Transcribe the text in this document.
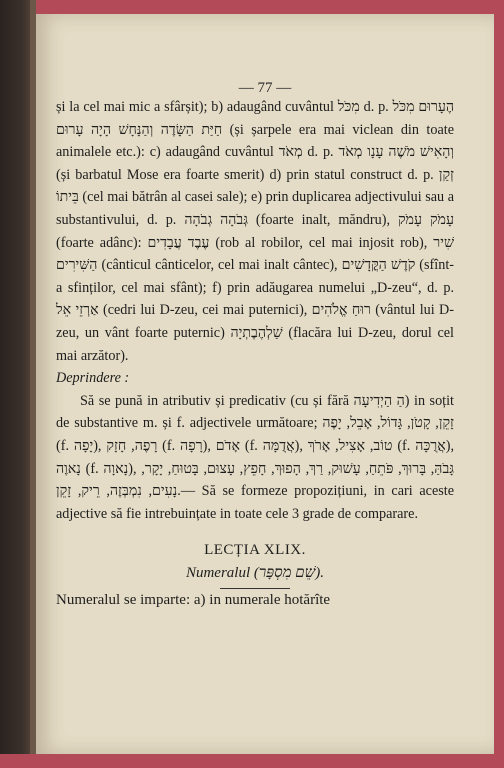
— 77 —

și la cel mai mic a sfârșit); b) adaugând cuvântul מִכֹּל d. p. הֶעָרוּם מִכֹּל חַיַּת הַשָּׂדֶה וְהַנָּחָשׁ הָיָה עָרוּם (și șarpele era mai viclean din toate animalele etc.): c) adaugând cuvântul מְאֹד d. p. וְהָאִישׁ מֹשֶׁה עָנָו מְאֹד (și barbatul Mose era foarte smerit) d) prin statul construct d. p. זְקַן בֵּיתוֹ (cel mai bătrân al casei sale); e) prin duplicarea adjectivului sau a substantivului, d. p. גְּבֹהָה גְבֹהָה (foarte inalt, măndru), עָמֹק עָמֹק (foarte adânc): עֶבֶד עֲבָדִים (rob al robilor, cel mai injosit rob), שִׁיר הַשִּׁירִים (cânticul cânticelor, cel mai inalt cântec), קֹדֶשׁ הַקֳּדָשִׁים (sfînt-a sfinților, cel mai sfânt); f) prin adăugarea numelui „D-zeu“, d. p. אַרְזֵי אֵל (cedri lui D-zeu, cei mai puternici), רוּחַ אֱלֹהִים (vântul lui D-zeu, un vânt foarte puternic) שַׁלְהֶבֶתְיָה (flacăra lui D-zeu, dorul cel mai arzător).

Deprindere :

Să se pună in atributiv și predicativ (cu și fără הַ הַיְדִיעָה) in soțit de substantive m. și f. adjectivele următoare; זָקֵן, קָטֹן, גָּדוֹל, אָבֵל, יָפֶה (f. יָפָה), רָפֶה, חָזָק (f. רָפָה), אָדֹם (f. אֲדֻמָּה), טוֹב, אָצִיל, אָרֹךְ (f. אֲרֻכָּה), נָאוֶה (f. נָאוָה), גָּבֹהַּ, בָּרוּךְ, פֹּתֵחַ, עָשׁוּק, רַךְ, הָפוּךְ, חָפֵץ, עָצוּם, בָּטוּחַ, יָקָר, נָעִים, נִמְבְּזֶה, רֵיק, זָקֵן.— Să se formeze propozițiuni, in cari aceste adjective să fie intrebuințate in toate cele 3 grade de comparare.

LECȚIA XLIX.
Numeralul (שֵׁם מִסְפָּר).

Numeralul se imparte: a) in numerale hotărîte
